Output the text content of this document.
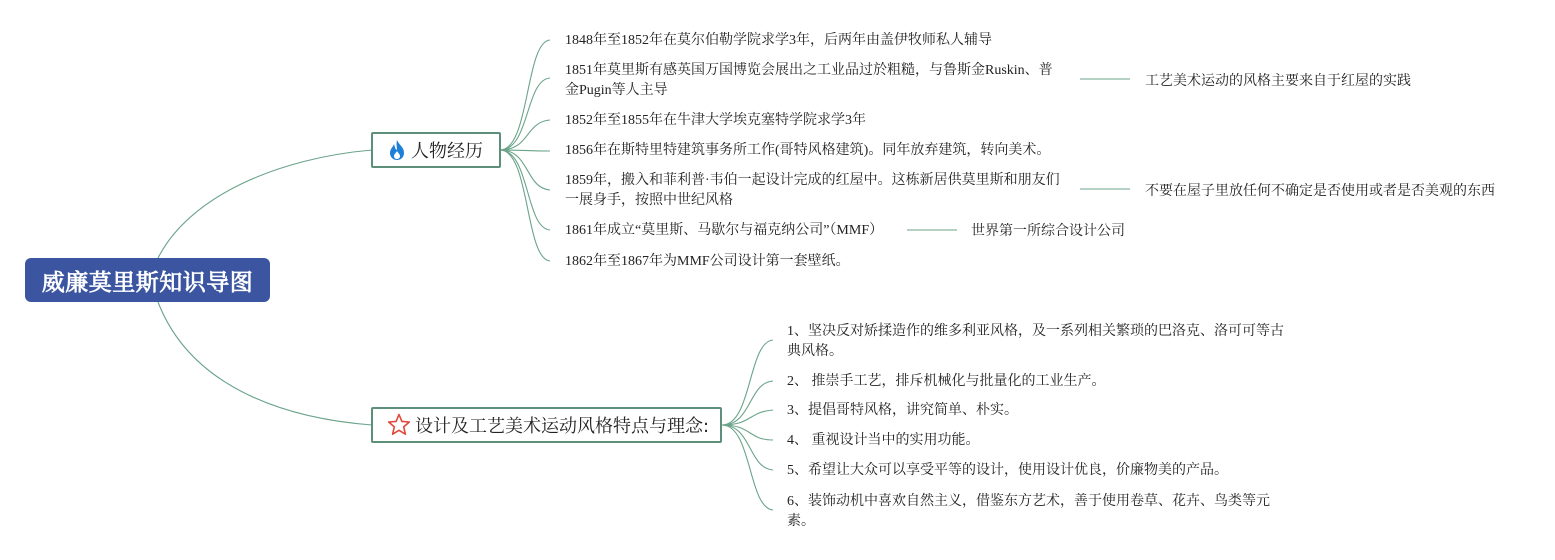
威廉莫里斯知识导图
人物经历
设计及工艺美术运动风格特点与理念:
1848年至1852年在莫尔伯勒学院求学3年，后两年由盖伊牧师私人辅导
1851年莫里斯有感英国万国博览会展出之工业品过於粗糙，与鲁斯金Ruskin、普金Pugin等人主导
1852年至1855年在牛津大学埃克塞特学院求学3年
1856年在斯特里特建筑事务所工作(哥特风格建筑)。同年放弃建筑，转向美术。
1859年，搬入和菲利普·韦伯一起设计完成的红屋中。这栋新居供莫里斯和朋友们一展身手，按照中世纪风格
1861年成立“莫里斯、马歇尔与福克纳公司”（MMF）
1862年至1867年为MMF公司设计第一套壁纸。
工艺美术运动的风格主要来自于红屋的实践
不要在屋子里放任何不确定是否使用或者是否美观的东西
世界第一所综合设计公司
1、坚决反对矫揉造作的维多利亚风格，及一系列相关繁琐的巴洛克、洛可可等古典风格。
2、 推崇手工艺，排斥机械化与批量化的工业生产。
3、提倡哥特风格，讲究简单、朴实。
4、 重视设计当中的实用功能。
5、希望让大众可以享受平等的设计，使用设计优良，价廉物美的产品。
6、装饰动机中喜欢自然主义，借鉴东方艺术，善于使用卷草、花卉、鸟类等元素。
